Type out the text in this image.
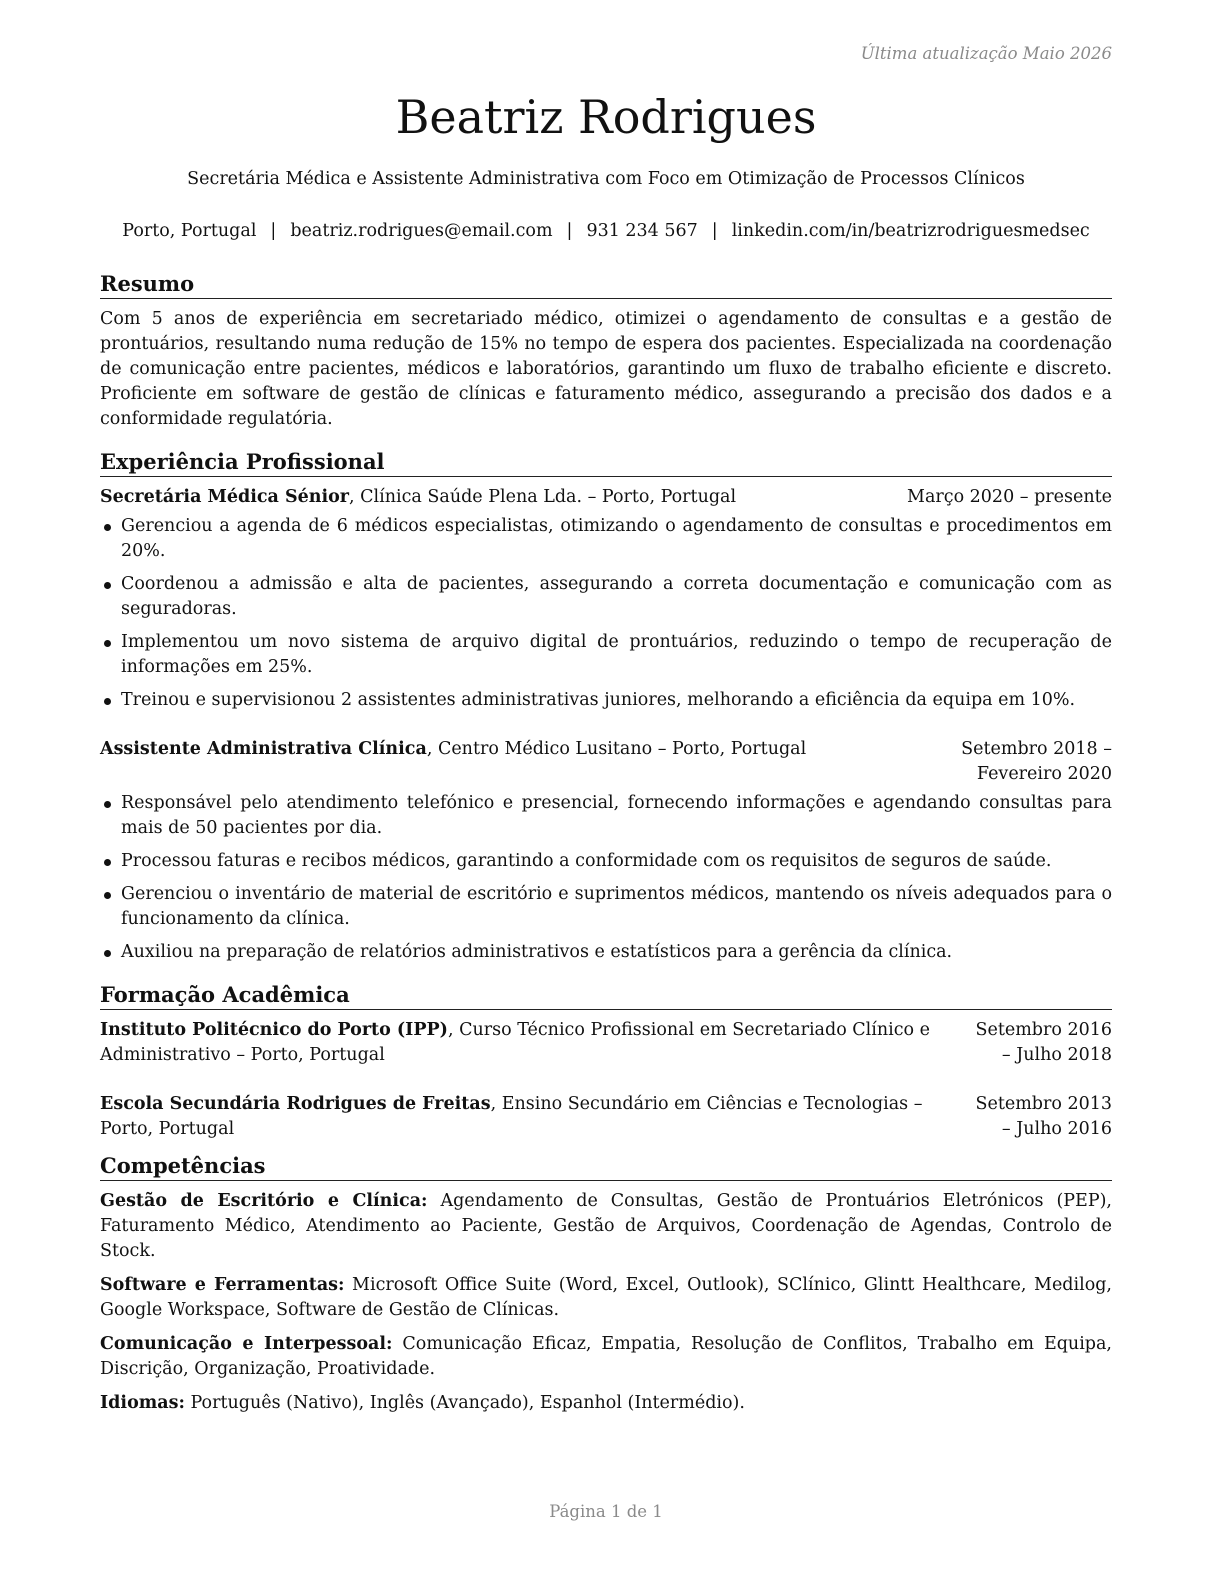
Última atualização Maio 2026
Beatriz Rodrigues
Secretária Médica e Assistente Administrativa com Foco em Otimização de Processos Clínicos
Porto, Portugal | beatriz.rodrigues@email.com | 931 234 567 | linkedin.com/in/beatrizrodriguesmedsec
Resumo

Com 5 anos de experiência em secretariado médico, otimizei o agendamento de consultas e a gestão de prontuários, resultando numa redução de 15% no tempo de espera dos pacientes. Especializada na coordenação de comunicação entre pacientes, médicos e laboratórios, garantindo um fluxo de trabalho eficiente e discreto. Proficiente em software de gestão de clínicas e faturamento médico, assegurando a precisão dos dados e a conformidade regulatória.

Experiência Profissional
Secretária Médica Sénior, Clínica Saúde Plena Lda. – Porto, Portugal	Março 2020 – presente
Gerenciou a agenda de 6 médicos especialistas, otimizando o agendamento de consultas e procedimentos em 20%.
Coordenou a admissão e alta de pacientes, assegurando a correta documentação e comunicação com as seguradoras.
Implementou um novo sistema de arquivo digital de prontuários, reduzindo o tempo de recuperação de informações em 25%.
Treinou e supervisionou 2 assistentes administrativas juniores, melhorando a eficiência da equipa em 10%.
Assistente Administrativa Clínica, Centro Médico Lusitano – Porto, Portugal	Setembro 2018 – Fevereiro 2020
Responsável pelo atendimento telefónico e presencial, fornecendo informações e agendando consultas para mais de 50 pacientes por dia.
Processou faturas e recibos médicos, garantindo a conformidade com os requisitos de seguros de saúde.
Gerenciou o inventário de material de escritório e suprimentos médicos, mantendo os níveis adequados para o funcionamento da clínica.
Auxiliou na preparação de relatórios administrativos e estatísticos para a gerência da clínica.
Formação Acadêmica
Instituto Politécnico do Porto (IPP), Curso Técnico Profissional em Secretariado Clínico e Administrativo – Porto, Portugal
Setembro 2016 – Julho 2018
Escola Secundária Rodrigues de Freitas, Ensino Secundário em Ciências e Tecnologias – Porto, Portugal
Setembro 2013 – Julho 2016
Competências

Gestão de Escritório e Clínica: Agendamento de Consultas, Gestão de Prontuários Eletrónicos (PEP), Faturamento Médico, Atendimento ao Paciente, Gestão de Arquivos, Coordenação de Agendas, Controlo de Stock.

Software e Ferramentas: Microsoft Office Suite (Word, Excel, Outlook), SClínico, Glintt Healthcare, Medilog, Google Workspace, Software de Gestão de Clínicas.

Comunicação e Interpessoal: Comunicação Eficaz, Empatia, Resolução de Conflitos, Trabalho em Equipa, Discrição, Organização, Proatividade.

Idiomas: Português (Nativo), Inglês (Avançado), Espanhol (Intermédio).

Página 1 de 1
